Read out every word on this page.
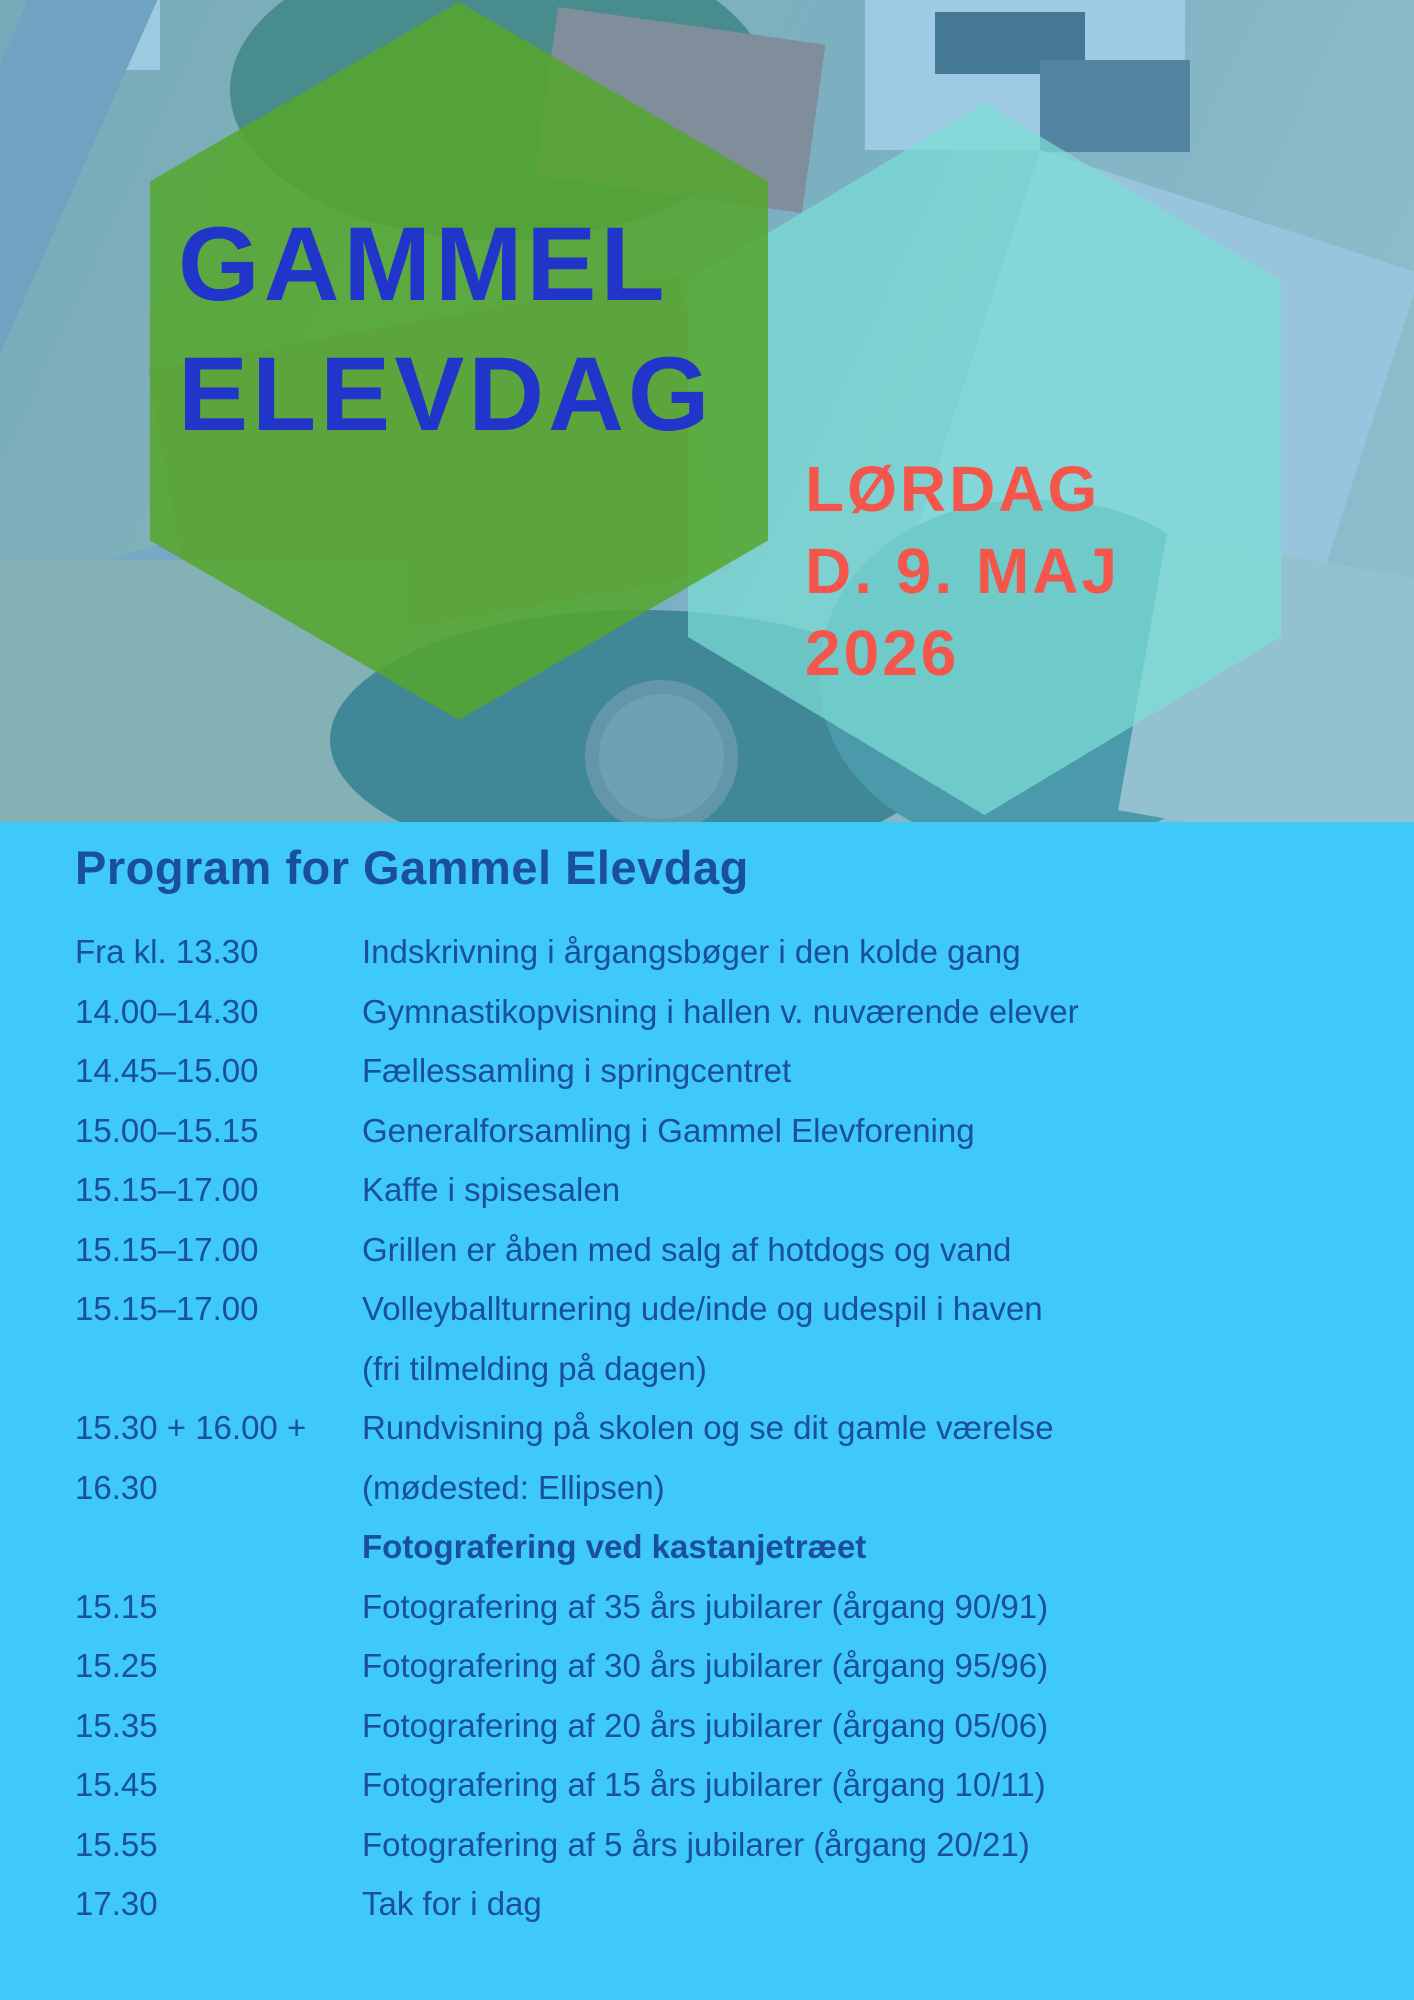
GAMMEL
ELEVDAG
LØRDAG
D. 9. MAJ
2026
Program for Gammel Elevdag
Fra kl. 13.30	Indskrivning i årgangsbøger i den kolde gang
14.00–14.30	Gymnastikopvisning i hallen v. nuværende elever
14.45–15.00	Fællessamling i springcentret
15.00–15.15	Generalforsamling i Gammel Elevforening
15.15–17.00	Kaffe i spisesalen
15.15–17.00	Grillen er åben med salg af hotdogs og vand
15.15–17.00	Volleyballturnering ude/inde og udespil i haven
(fri tilmelding på dagen)
15.30 + 16.00 +	Rundvisning på skolen og se dit gamle værelse
16.30	(mødested: Ellipsen)
Fotografering ved kastanjetræet
15.15	Fotografering af 35 års jubilarer (årgang 90/91)
15.25	Fotografering af 30 års jubilarer (årgang 95/96)
15.35	Fotografering af 20 års jubilarer (årgang 05/06)
15.45	Fotografering af 15 års jubilarer (årgang 10/11)
15.55	Fotografering af 5 års jubilarer (årgang 20/21)
17.30	Tak for i dag
